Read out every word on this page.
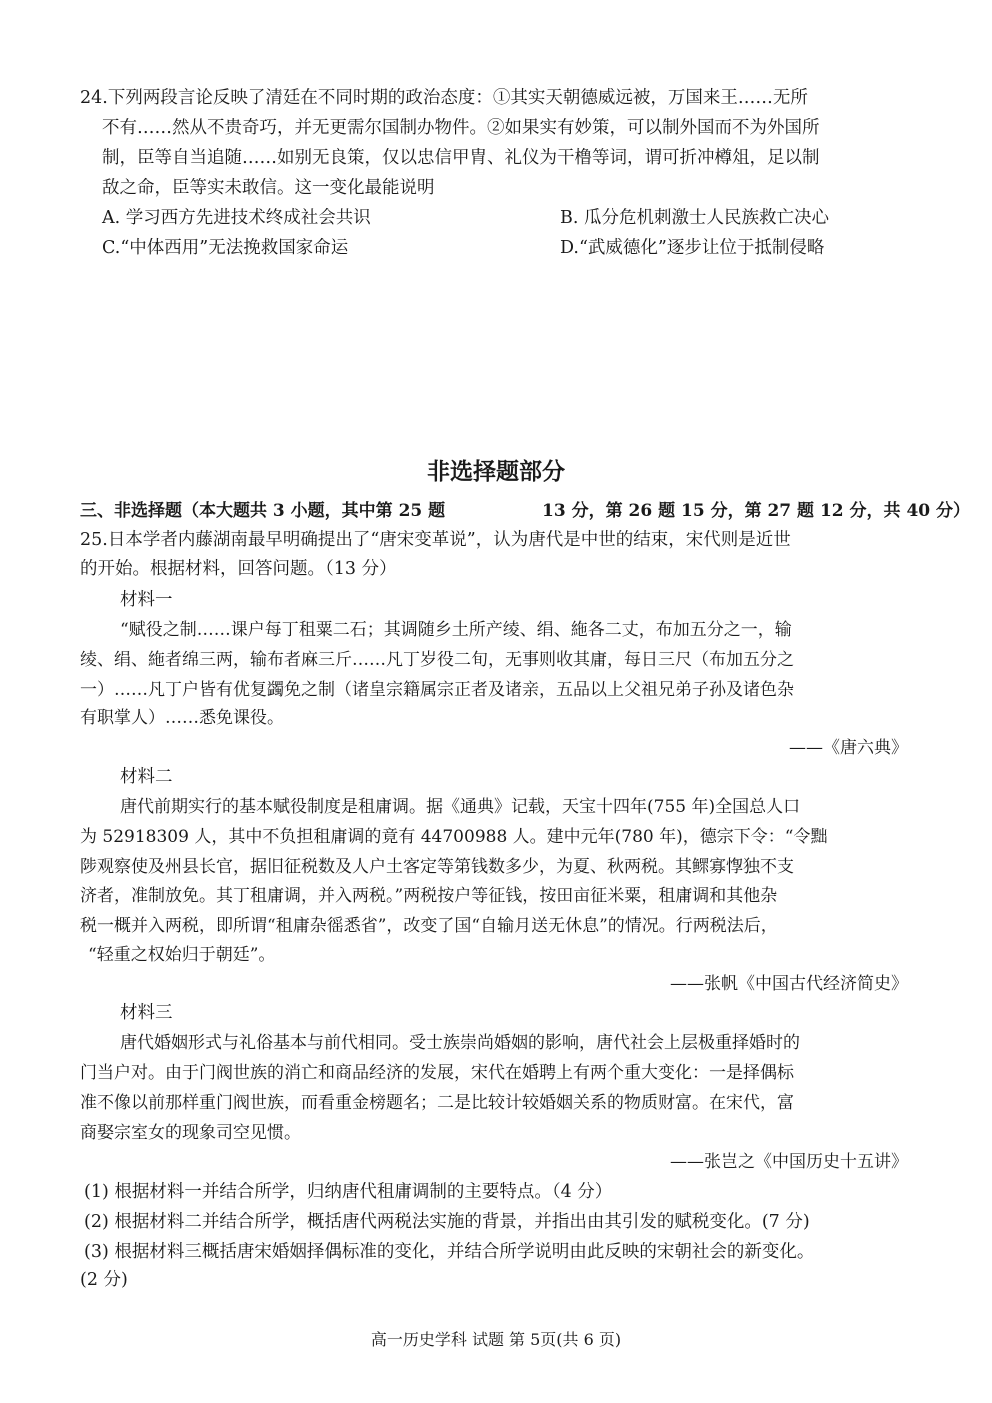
24.下列两段言论反映了清廷在不同时期的政治态度：①其实天朝德威远被，万国来王……无所
不有……然从不贵奇巧，并无更需尔国制办物件。②如果实有妙策，可以制外国而不为外国所
制，臣等自当追随……如别无良策，仅以忠信甲胄、礼仪为干橹等词，谓可折冲樽俎，足以制
敌之命，臣等实未敢信。这一变化最能说明
A. 学习西方先进技术终成社会共识	B. 瓜分危机刺激士人民族救亡决心
C.“中体西用”无法挽救国家命运	D.“武威德化”逐步让位于抵制侵略
非选择题部分
三、非选择题（本大题共 3 小题，其中第 25 题	13 分，第 26 题 15 分，第 27 题 12 分，共 40 分）
25.日本学者内藤湖南最早明确提出了“唐宋变革说”，认为唐代是中世的结束，宋代则是近世
的开始。根据材料，回答问题。（13 分）
材料一
“赋役之制……课户每丁租粟二石；其调随乡土所产绫、绢、絁各二丈，布加五分之一，输
绫、绢、絁者绵三两，输布者麻三斤……凡丁岁役二旬，无事则收其庸，每日三尺（布加五分之
一）……凡丁户皆有优复蠲免之制（诸皇宗籍属宗正者及诸亲，五品以上父祖兄弟子孙及诸色杂
有职掌人）……悉免课役。
——《唐六典》
材料二
唐代前期实行的基本赋役制度是租庸调。据《通典》记载，天宝十四年(755 年)全国总人口
为 52918309 人，其中不负担租庸调的竟有 44700988 人。建中元年(780 年)，德宗下令：“令黜
陟观察使及州县长官，据旧征税数及人户土客定等第钱数多少，为夏、秋两税。其鳏寡惸独不支
济者，准制放免。其丁租庸调，并入两税。”两税按户等征钱，按田亩征米粟，租庸调和其他杂
税一概并入两税，即所谓“租庸杂徭悉省”，改变了国“自输月送无休息”的情况。行两税法后，
“轻重之权始归于朝廷”。
——张帆《中国古代经济简史》
材料三
唐代婚姻形式与礼俗基本与前代相同。受士族崇尚婚姻的影响，唐代社会上层极重择婚时的
门当户对。由于门阀世族的消亡和商品经济的发展，宋代在婚聘上有两个重大变化：一是择偶标
准不像以前那样重门阀世族，而看重金榜题名；二是比较计较婚姻关系的物质财富。在宋代，富
商娶宗室女的现象司空见惯。
——张岂之《中国历史十五讲》
(1) 根据材料一并结合所学，归纳唐代租庸调制的主要特点。（4 分）
(2) 根据材料二并结合所学，概括唐代两税法实施的背景，并指出由其引发的赋税变化。(7 分)
(3) 根据材料三概括唐宋婚姻择偶标准的变化，并结合所学说明由此反映的宋朝社会的新变化。
(2 分)
高一历史学科 试题 第 5页(共 6 页)
